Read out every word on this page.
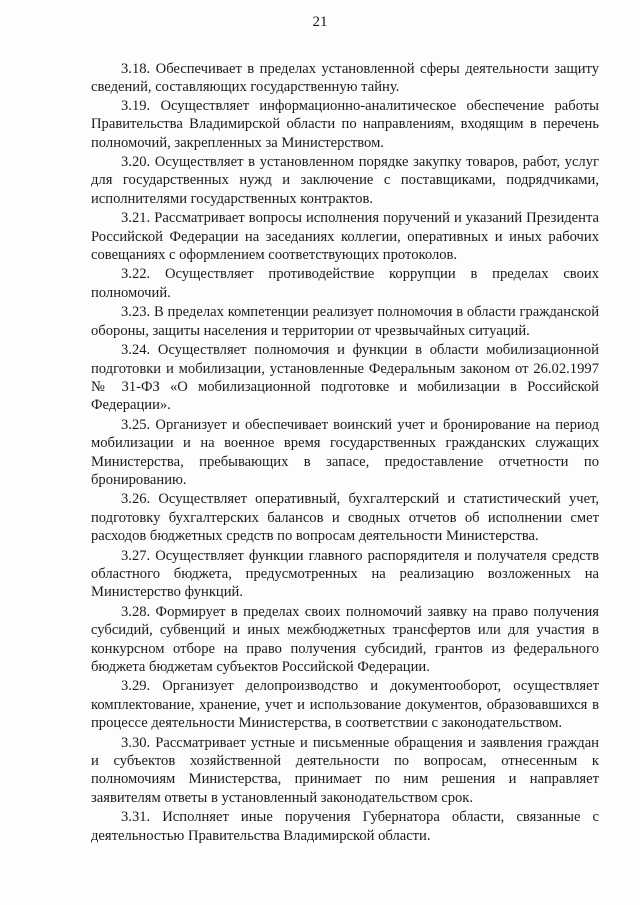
21

3.18. Обеспечивает в пределах установленной сферы деятельности защиту сведений, составляющих государственную тайну.

3.19. Осуществляет информационно-аналитическое обеспечение работы Правительства Владимирской области по направлениям, входящим в перечень полномочий, закрепленных за Министерством.

3.20. Осуществляет в установленном порядке закупку товаров, работ, услуг для государственных нужд и заключение с поставщиками, подрядчиками, исполнителями государственных контрактов.

3.21. Рассматривает вопросы исполнения поручений и указаний Президента Российской Федерации на заседаниях коллегии, оперативных и иных рабочих совещаниях с оформлением соответствующих протоколов.

3.22. Осуществляет противодействие коррупции в пределах своих полномочий.

3.23. В пределах компетенции реализует полномочия в области гражданской обороны, защиты населения и территории от чрезвычайных ситуаций.

3.24. Осуществляет полномочия и функции в области мобилизационной подготовки и мобилизации, установленные Федеральным законом от 26.02.1997 № 31-ФЗ «О мобилизационной подготовке и мобилизации в Российской Федерации».

3.25. Организует и обеспечивает воинский учет и бронирование на период мобилизации и на военное время государственных гражданских служащих Министерства, пребывающих в запасе, предоставление отчетности по бронированию.

3.26. Осуществляет оперативный, бухгалтерский и статистический учет, подготовку бухгалтерских балансов и сводных отчетов об исполнении смет расходов бюджетных средств по вопросам деятельности Министерства.

3.27. Осуществляет функции главного распорядителя и получателя средств областного бюджета, предусмотренных на реализацию возложенных на Министерство функций.

3.28. Формирует в пределах своих полномочий заявку на право получения субсидий, субвенций и иных межбюджетных трансфертов или для участия в конкурсном отборе на право получения субсидий, грантов из федерального бюджета бюджетам субъектов Российской Федерации.

3.29. Организует делопроизводство и документооборот, осуществляет комплектование, хранение, учет и использование документов, образовавшихся в процессе деятельности Министерства, в соответствии с законодательством.

3.30. Рассматривает устные и письменные обращения и заявления граждан и субъектов хозяйственной деятельности по вопросам, отнесенным к полномочиям Министерства, принимает по ним решения и направляет заявителям ответы в установленный законодательством срок.

3.31. Исполняет иные поручения Губернатора области, связанные с деятельностью Правительства Владимирской области.
